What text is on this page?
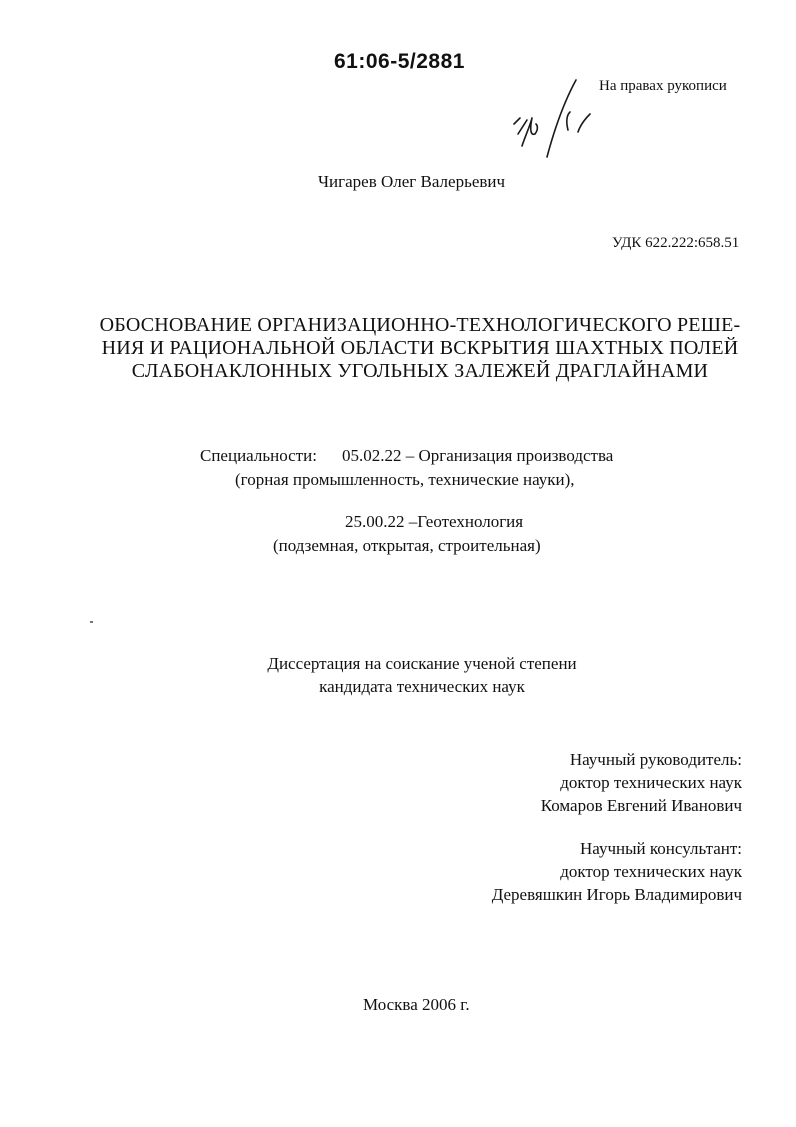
61:06-5/2881
На правах рукописи
Чигарев Олег Валерьевич
УДК 622.222:658.51
ОБОСНОВАНИЕ ОРГАНИЗАЦИОННО-ТЕХНОЛОГИЧЕСКОГО РЕШЕ-
НИЯ И РАЦИОНАЛЬНОЙ ОБЛАСТИ ВСКРЫТИЯ ШАХТНЫХ ПОЛЕЙ
СЛАБОНАКЛОННЫХ УГОЛЬНЫХ ЗАЛЕЖЕЙ ДРАГЛАЙНАМИ
Специальности: 05.02.22 – Организация производства
(горная промышленность, технические науки),
25.00.22 –Геотехнология
(подземная, открытая, строительная)
Диссертация на соискание ученой степени
кандидата технических наук
Научный руководитель:
доктор технических наук
Комаров Евгений Иванович
Научный консультант:
доктор технических наук
Деревяшкин Игорь Владимирович
Москва 2006 г.
